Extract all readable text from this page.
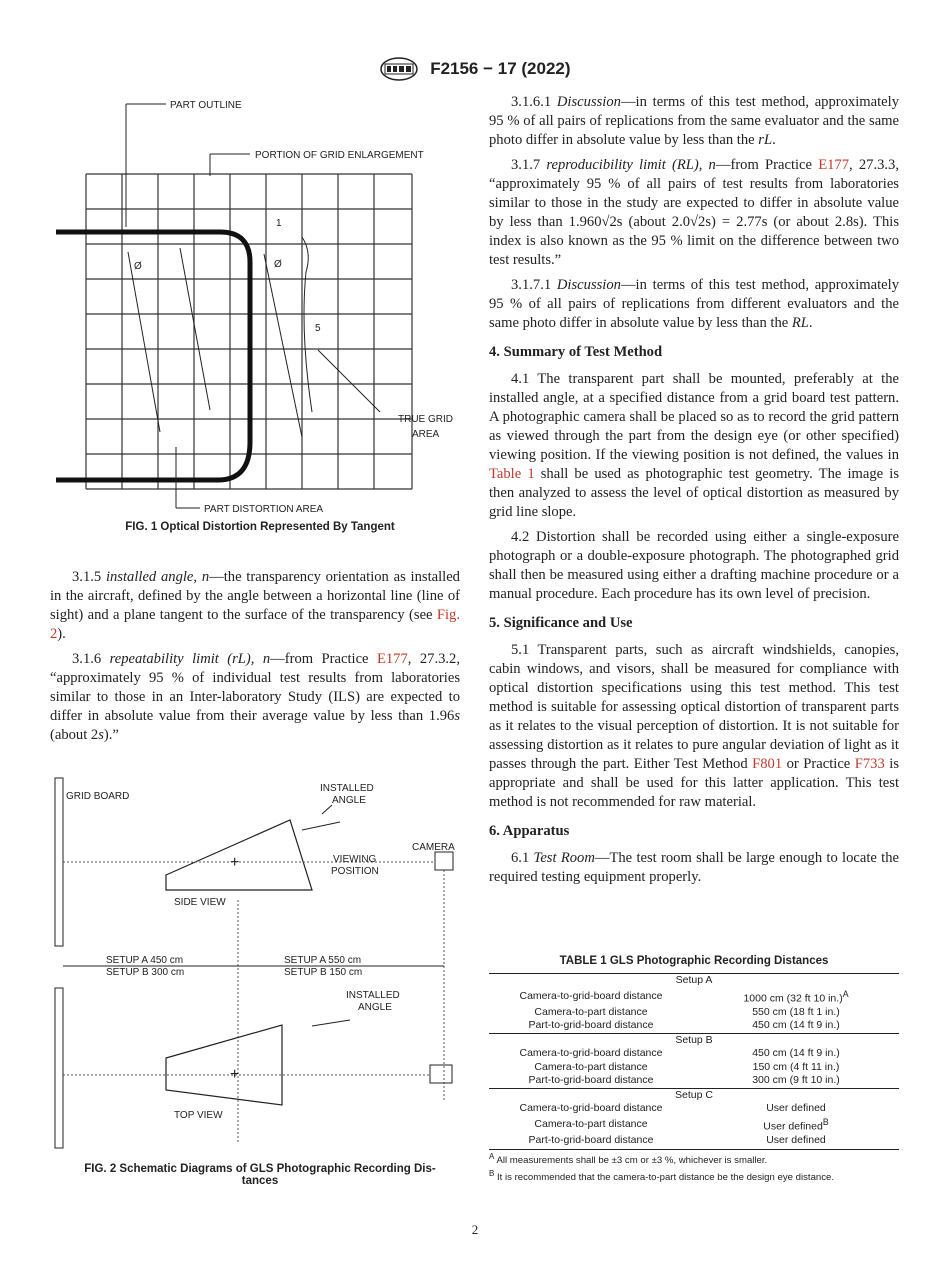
F2156 − 17 (2022)
PART OUTLINE
PORTION OF GRID ENLARGEMENT
1
Ø
Ø
5
TRUE GRID
AREA
PART DISTORTION AREA
FIG. 1 Optical Distortion Represented By Tangent

3.1.5 installed angle, n—the transparency orientation as installed in the aircraft, defined by the angle between a horizontal line (line of sight) and a plane tangent to the surface of the transparency (see Fig. 2).

3.1.6 repeatability limit (rL), n—from Practice E177, 27.3.2, “approximately 95 % of individual test results from laboratories similar to those in an Inter-laboratory Study (ILS) are expected to differ in absolute value from their average value by less than 1.96s (about 2s).”

GRID BOARD
INSTALLED
ANGLE
+
CAMERA
VIEWING
POSITION
SIDE VIEW
SETUP A 450 cm
SETUP B 300 cm
SETUP A 550 cm
SETUP B 150 cm
INSTALLED
ANGLE
+
TOP VIEW
FIG. 2 Schematic Diagrams of GLS Photographic Recording Dis-
tances

3.1.6.1 Discussion—in terms of this test method, approximately 95 % of all pairs of replications from the same evaluator and the same photo differ in absolute value by less than the rL.

3.1.7 reproducibility limit (RL), n—from Practice E177, 27.3.3, “approximately 95 % of all pairs of test results from laboratories similar to those in the study are expected to differ in absolute value by less than 1.960√2s (about 2.0√2s) = 2.77s (or about 2.8s). This index is also known as the 95 % limit on the difference between two test results.”

3.1.7.1 Discussion—in terms of this test method, approximately 95 % of all pairs of replications from different evaluators and the same photo differ in absolute value by less than the RL.

4. Summary of Test Method

4.1 The transparent part shall be mounted, preferably at the installed angle, at a specified distance from a grid board test pattern. A photographic camera shall be placed so as to record the grid pattern as viewed through the part from the design eye (or other specified) viewing position. If the viewing position is not defined, the values in Table 1 shall be used as photographic test geometry. The image is then analyzed to assess the level of optical distortion as measured by grid line slope.

4.2 Distortion shall be recorded using either a single-exposure photograph or a double-exposure photograph. The photographed grid shall then be measured using either a drafting machine procedure or a manual procedure. Each procedure has its own level of precision.

5. Significance and Use

5.1 Transparent parts, such as aircraft windshields, canopies, cabin windows, and visors, shall be measured for compliance with optical distortion specifications using this test method. This test method is suitable for assessing optical distortion of transparent parts as it relates to the visual perception of distortion. It is not suitable for assessing distortion as it relates to pure angular deviation of light as it passes through the part. Either Test Method F801 or Practice F733 is appropriate and shall be used for this latter application. This test method is not recommended for raw material.

6. Apparatus

6.1 Test Room—The test room shall be large enough to locate the required testing equipment properly.

TABLE 1 GLS Photographic Recording Distances
Setup A	
Camera-to-grid-board distance	1000 cm (32 ft 10 in.)$^A$
Camera-to-part distance	550 cm (18 ft 1 in.)
Part-to-grid-board distance	450 cm (14 ft 9 in.)
Setup B	
Camera-to-grid-board distance	450 cm (14 ft 9 in.)
Camera-to-part distance	150 cm (4 ft 11 in.)
Part-to-grid-board distance	300 cm (9 ft 10 in.)
Setup C	
Camera-to-grid-board distance	User defined
Camera-to-part distance	User defined$^B$
Part-to-grid-board distance	User defined
$^A$ All measurements shall be ±3 cm or ±3 %, whichever is smaller.
$^B$ It is recommended that the camera-to-part distance be the design eye distance.
2
